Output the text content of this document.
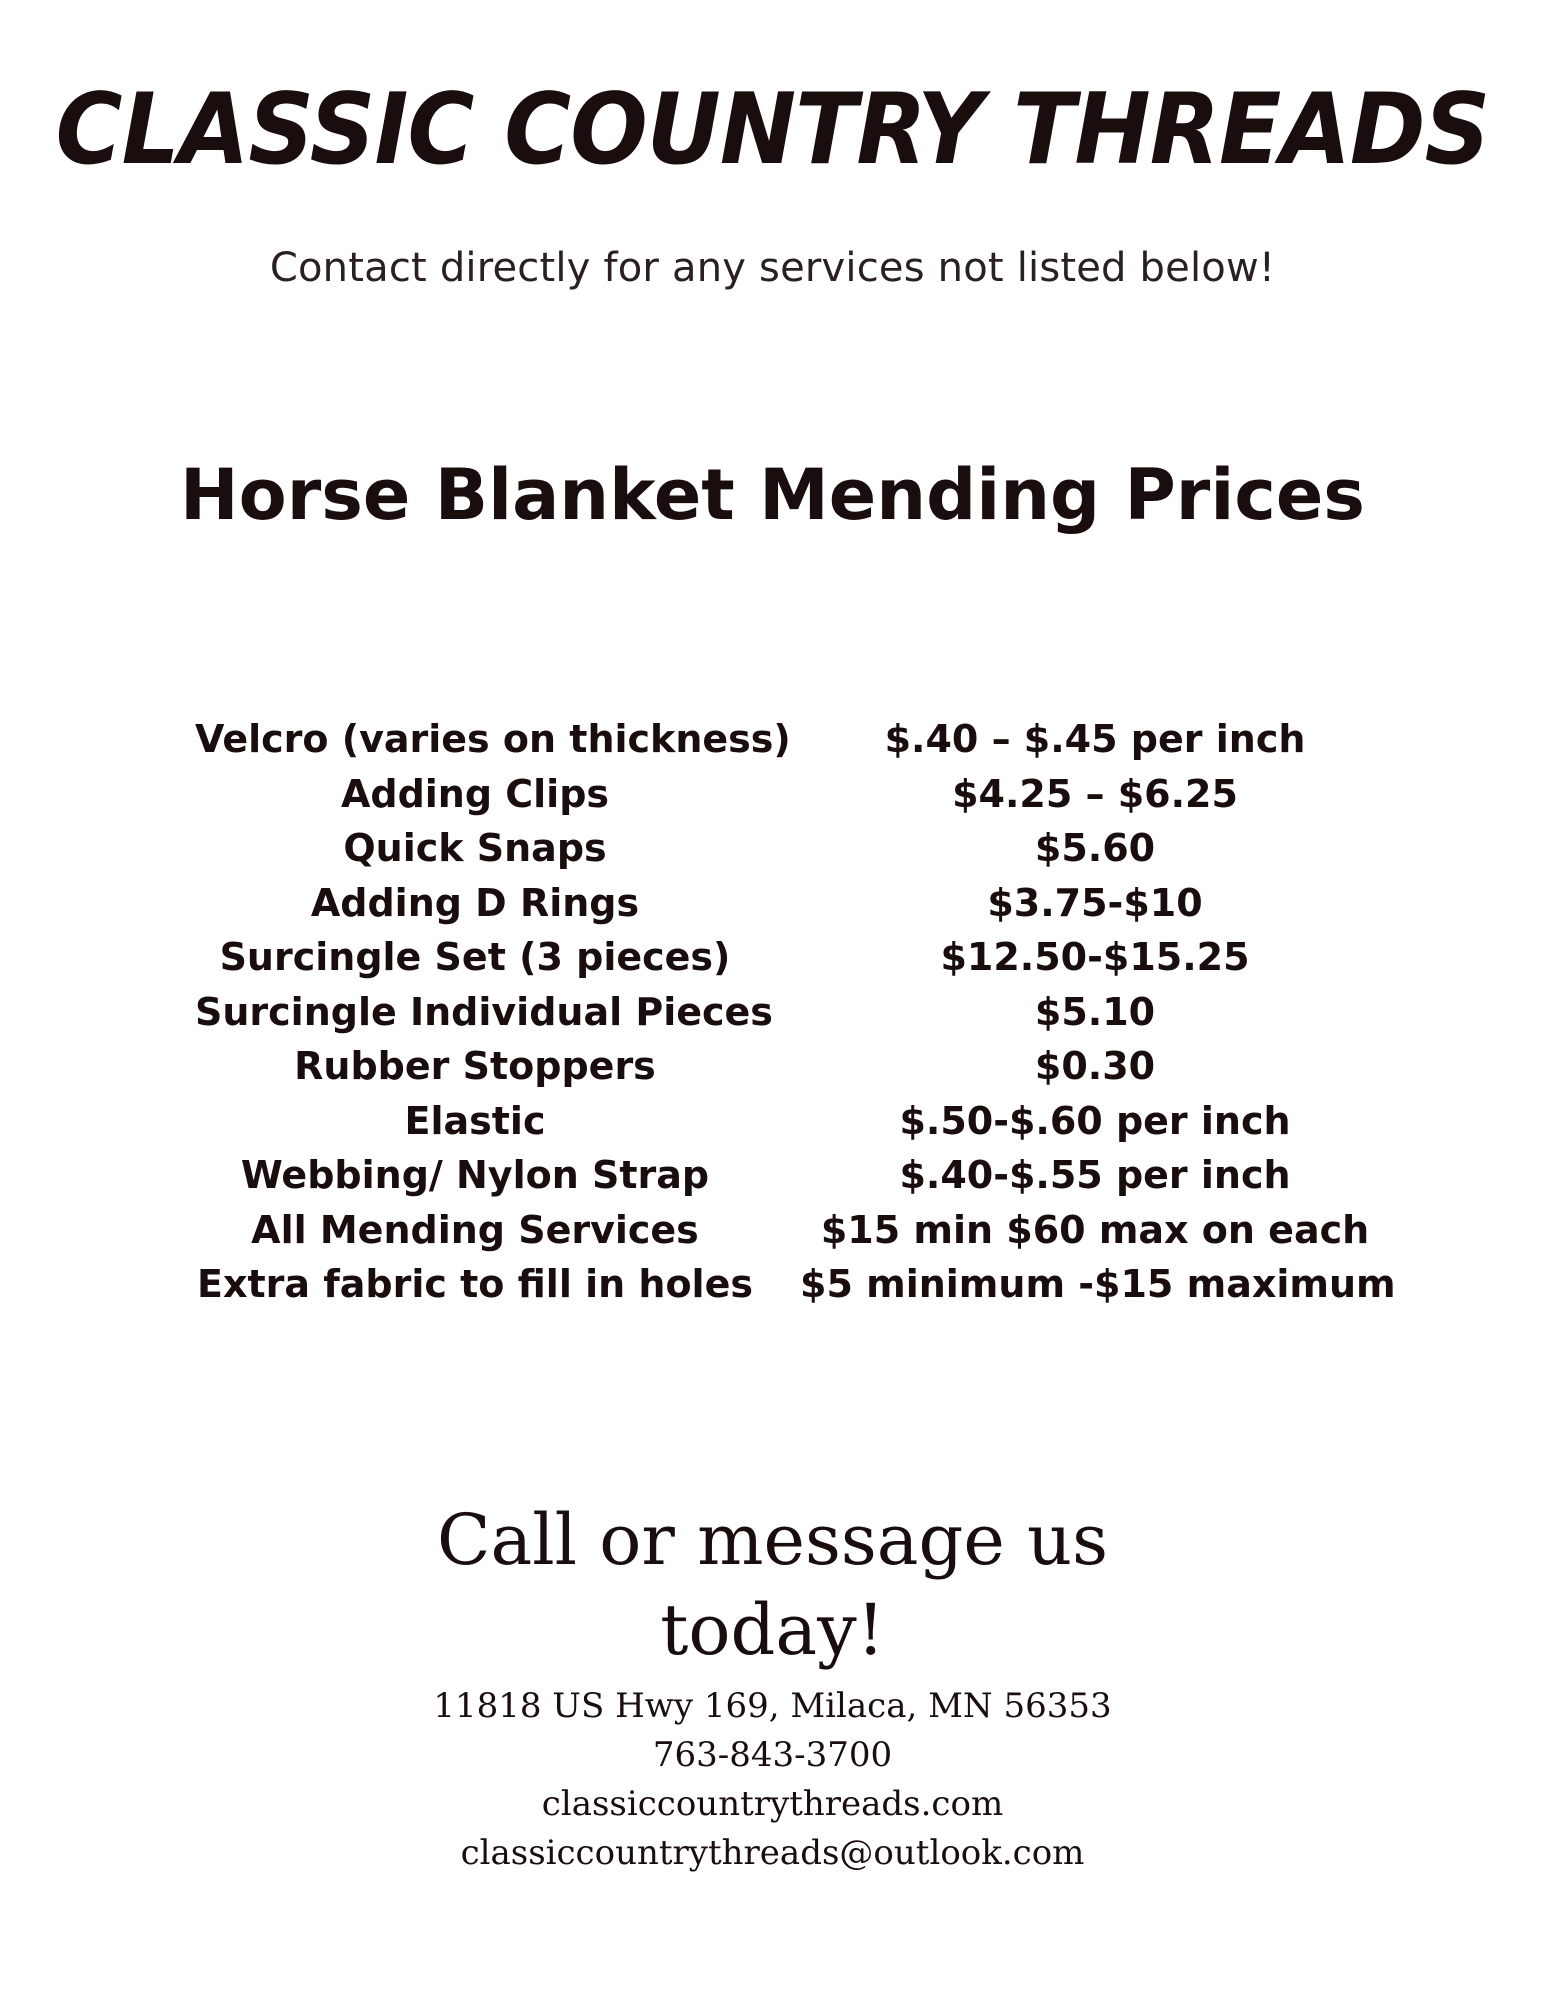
CLASSIC COUNTRY THREADS
Contact directly for any services not listed below!
Horse Blanket Mending Prices
Velcro (varies on thickness)	$.40 – $.45 per inch
Adding Clips	$4.25 – $6.25
Quick Snaps	$5.60
Adding D Rings	$3.75-$10
Surcingle Set (3 pieces)	$12.50-$15.25
Surcingle Individual Pieces	$5.10
Rubber Stoppers	$0.30
Elastic	$.50-$.60 per inch
Webbing/ Nylon Strap	$.40-$.55 per inch
All Mending Services	$15 min $60 max on each
Extra fabric to fill in holes $5 minimum -$15 maximum
Call or message us
today!
11818 US Hwy 169, Milaca, MN 56353
763-843-3700
classiccountrythreads.com
classiccountrythreads@outlook.com
